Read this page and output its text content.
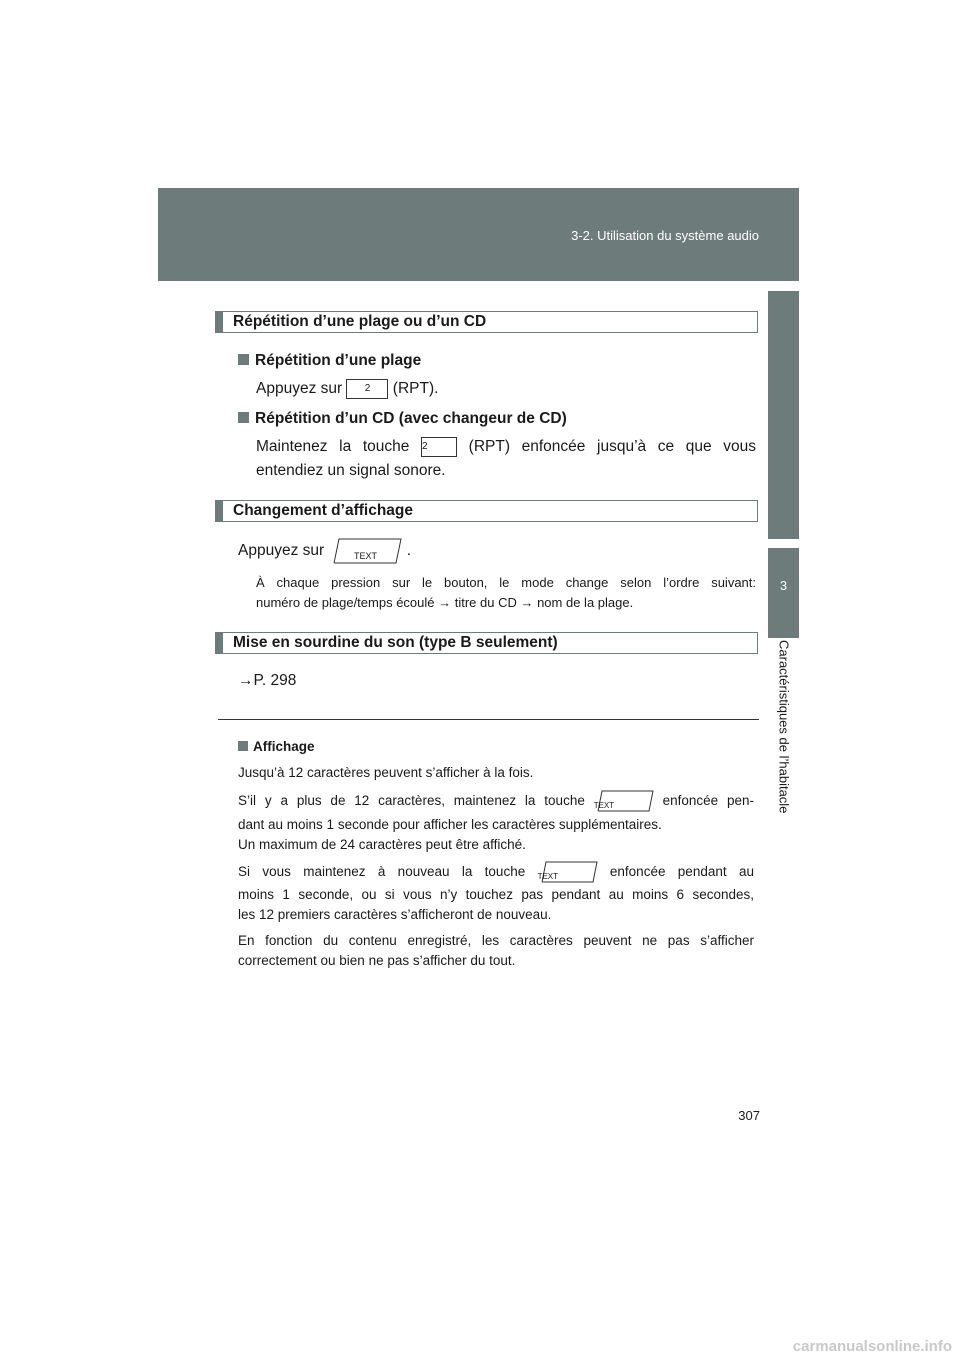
3-2. Utilisation du système audio
3
Caractéristiques de l’habitacle
Répétition d’une plage ou d’un CD
Répétition d’une plage
Appuyez sur 2 (RPT).
Répétition d’un CD (avec changeur de CD)
Maintenez la touche 2	(RPT) enfoncée jusqu’à ce que vous
entendiez un signal sonore.
Changement d’affichage
Appuyez sur	TEXT	.
À chaque pression sur le bouton, le mode change selon l’ordre suivant:
numéro de plage/temps écoulé → titre du CD → nom de la plage.
Mise en sourdine du son (type B seulement)
→P. 298
Affichage
Jusqu’à 12 caractères peuvent s’afficher à la fois.
S’il y a plus de 12 caractères, maintenez la touche TEXT	enfoncée pen-
dant au moins 1 seconde pour afficher les caractères supplémentaires.
Un maximum de 24 caractères peut être affiché.
Si vous maintenez à nouveau la touche TEXT	enfoncée pendant au
moins 1 seconde, ou si vous n’y touchez pas pendant au moins 6 secondes,
les 12 premiers caractères s’afficheront de nouveau.
En fonction du contenu enregistré, les caractères peuvent ne pas s’afficher
correctement ou bien ne pas s’afficher du tout.
307
carmanualsonline.info
